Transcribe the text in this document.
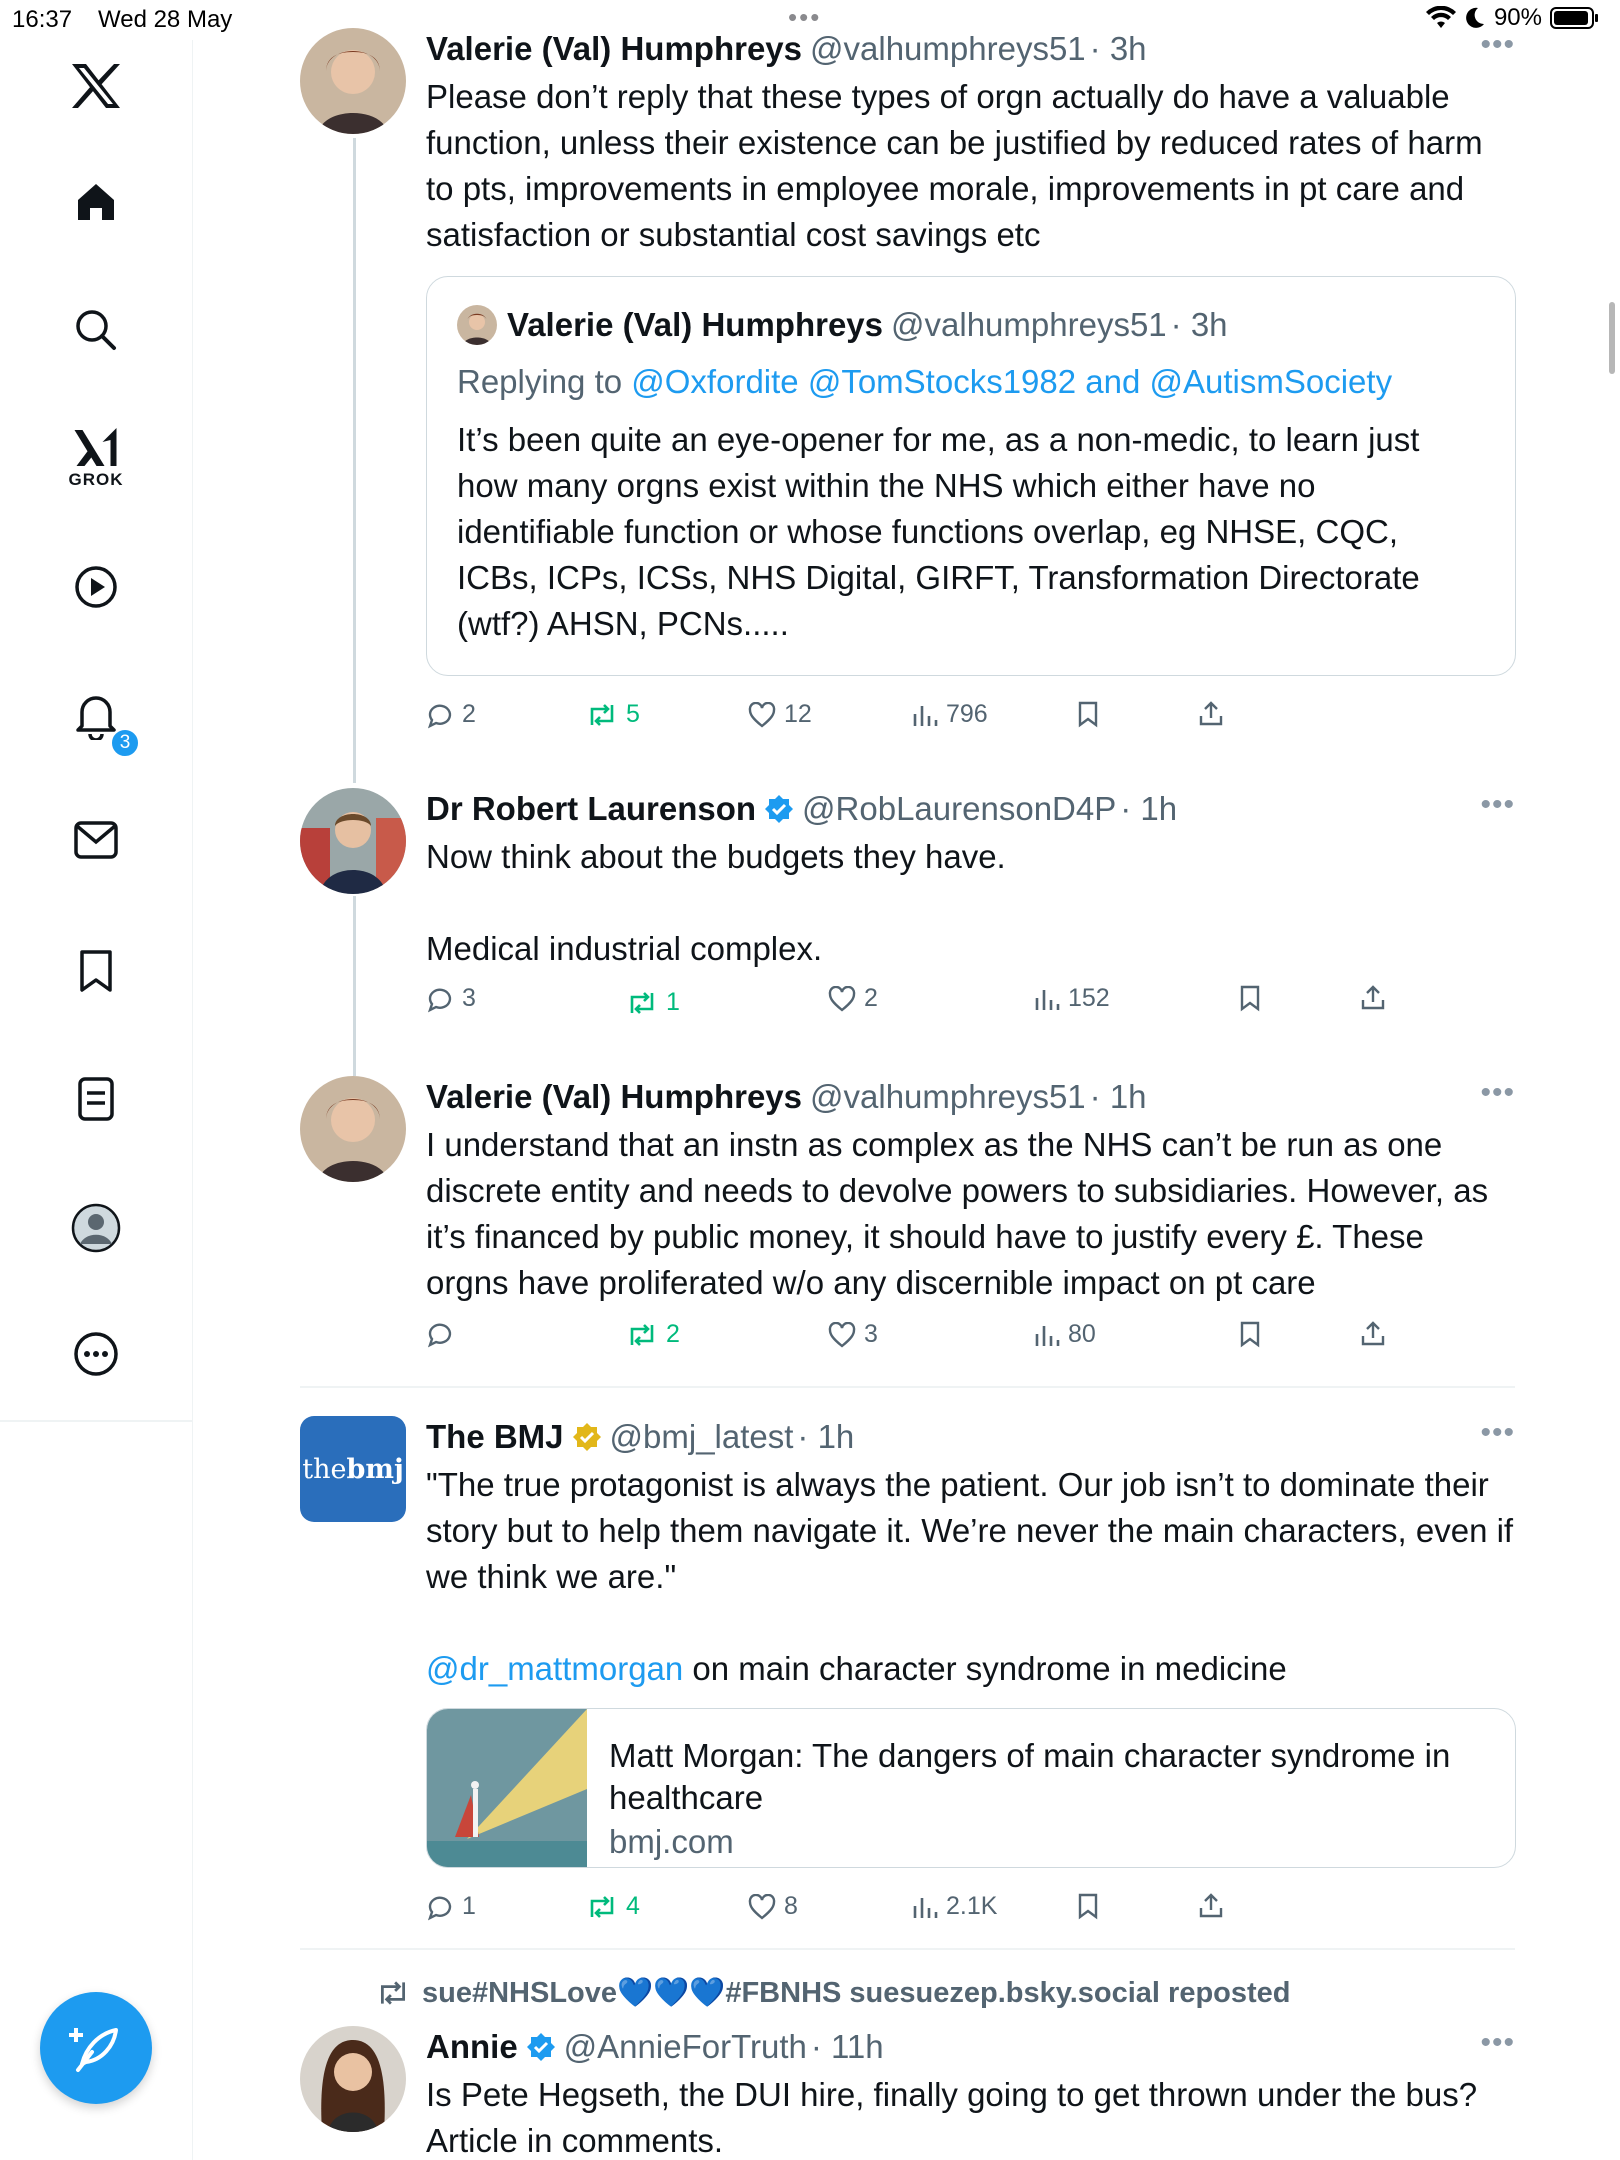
16:37 Wed 28 May	•••	90%
GROK
3
Valerie (Val) Humphreys @valhumphreys51 · 3h	•••
Please don’t reply that these types of orgn actually do have a valuable function, unless their existence can be justified by reduced rates of harm to pts, improvements in employee morale, improvements in pt care and satisfaction or substantial cost savings etc
Valerie (Val) Humphreys @valhumphreys51 · 3h
Replying to @Oxfordite @TomStocks1982 and @AutismSociety
It’s been quite an eye-opener for me, as a non-medic, to learn just how many orgns exist within the NHS which either have no identifiable function or whose functions overlap, eg NHSE, CQC, ICBs, ICPs, ICSs, NHS Digital, GIRFT, Transformation Directorate (wtf?) AHSN, PCNs.....
2	5	12	796
Dr Robert Laurenson @RobLaurensonD4P · 1h	•••

Now think about the budgets they have.

Medical industrial complex.

3	1	2	152
Valerie (Val) Humphreys @valhumphreys51 · 1h	•••
I understand that an instn as complex as the NHS can’t be run as one discrete entity and needs to devolve powers to subsidiaries. However, as it’s financed by public money, it should have to justify every £. These orgns have proliferated w/o any discernible impact on pt care
2	3	80
the bmj
The BMJ @bmj_latest · 1h	•••

"The true protagonist is always the patient. Our job isn’t to dominate their story but to help them navigate it. We’re never the main characters, even if we think we are."

@dr_mattmorgan on main character syndrome in medicine

Matt Morgan: The dangers of main character syndrome in healthcare
bmj.com
1	4	8	2.1K
sue#NHSLove💙💙💙#FBNHS suesuezep.bsky.social reposted
Annie @AnnieForTruth · 11h	•••
Is Pete Hegseth, the DUI hire, finally going to get thrown under the bus? Article in comments.
